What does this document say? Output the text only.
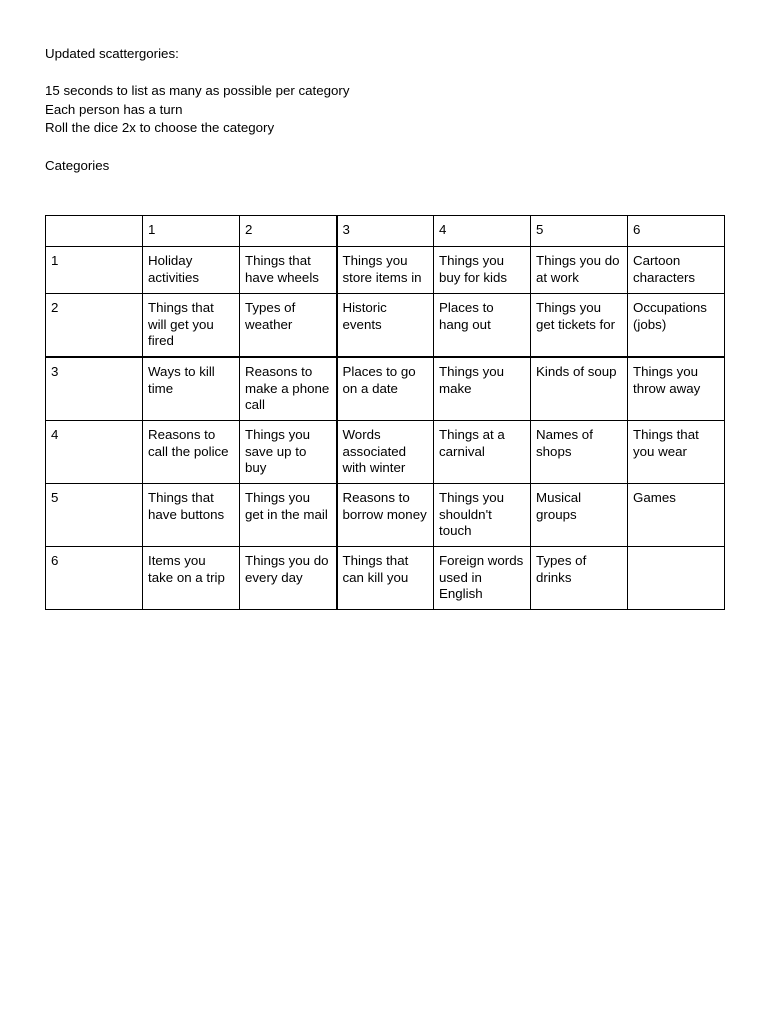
Updated scattergories:
15 seconds to list as many as possible per category
Each person has a turn
Roll the dice 2x to choose the category
Categories
	1	2	3	4	5	6
1	Holiday activities	Things that have wheels	Things you store items in	Things you buy for kids	Things you do at work	Cartoon characters
2	Things that will get you fired	Types of weather	Historic events	Places to hang out	Things you get tickets for	Occupations (jobs)
3	Ways to kill time	Reasons to make a phone call	Places to go on a date	Things you make	Kinds of soup	Things you throw away
4	Reasons to call the police	Things you save up to buy	Words associated with winter	Things at a carnival	Names of shops	Things that you wear
5	Things that have buttons	Things you get in the mail	Reasons to borrow money	Things you shouldn't touch	Musical groups	Games
6	Items you take on a trip	Things you do every day	Things that can kill you	Foreign words used in English	Types of drinks	
